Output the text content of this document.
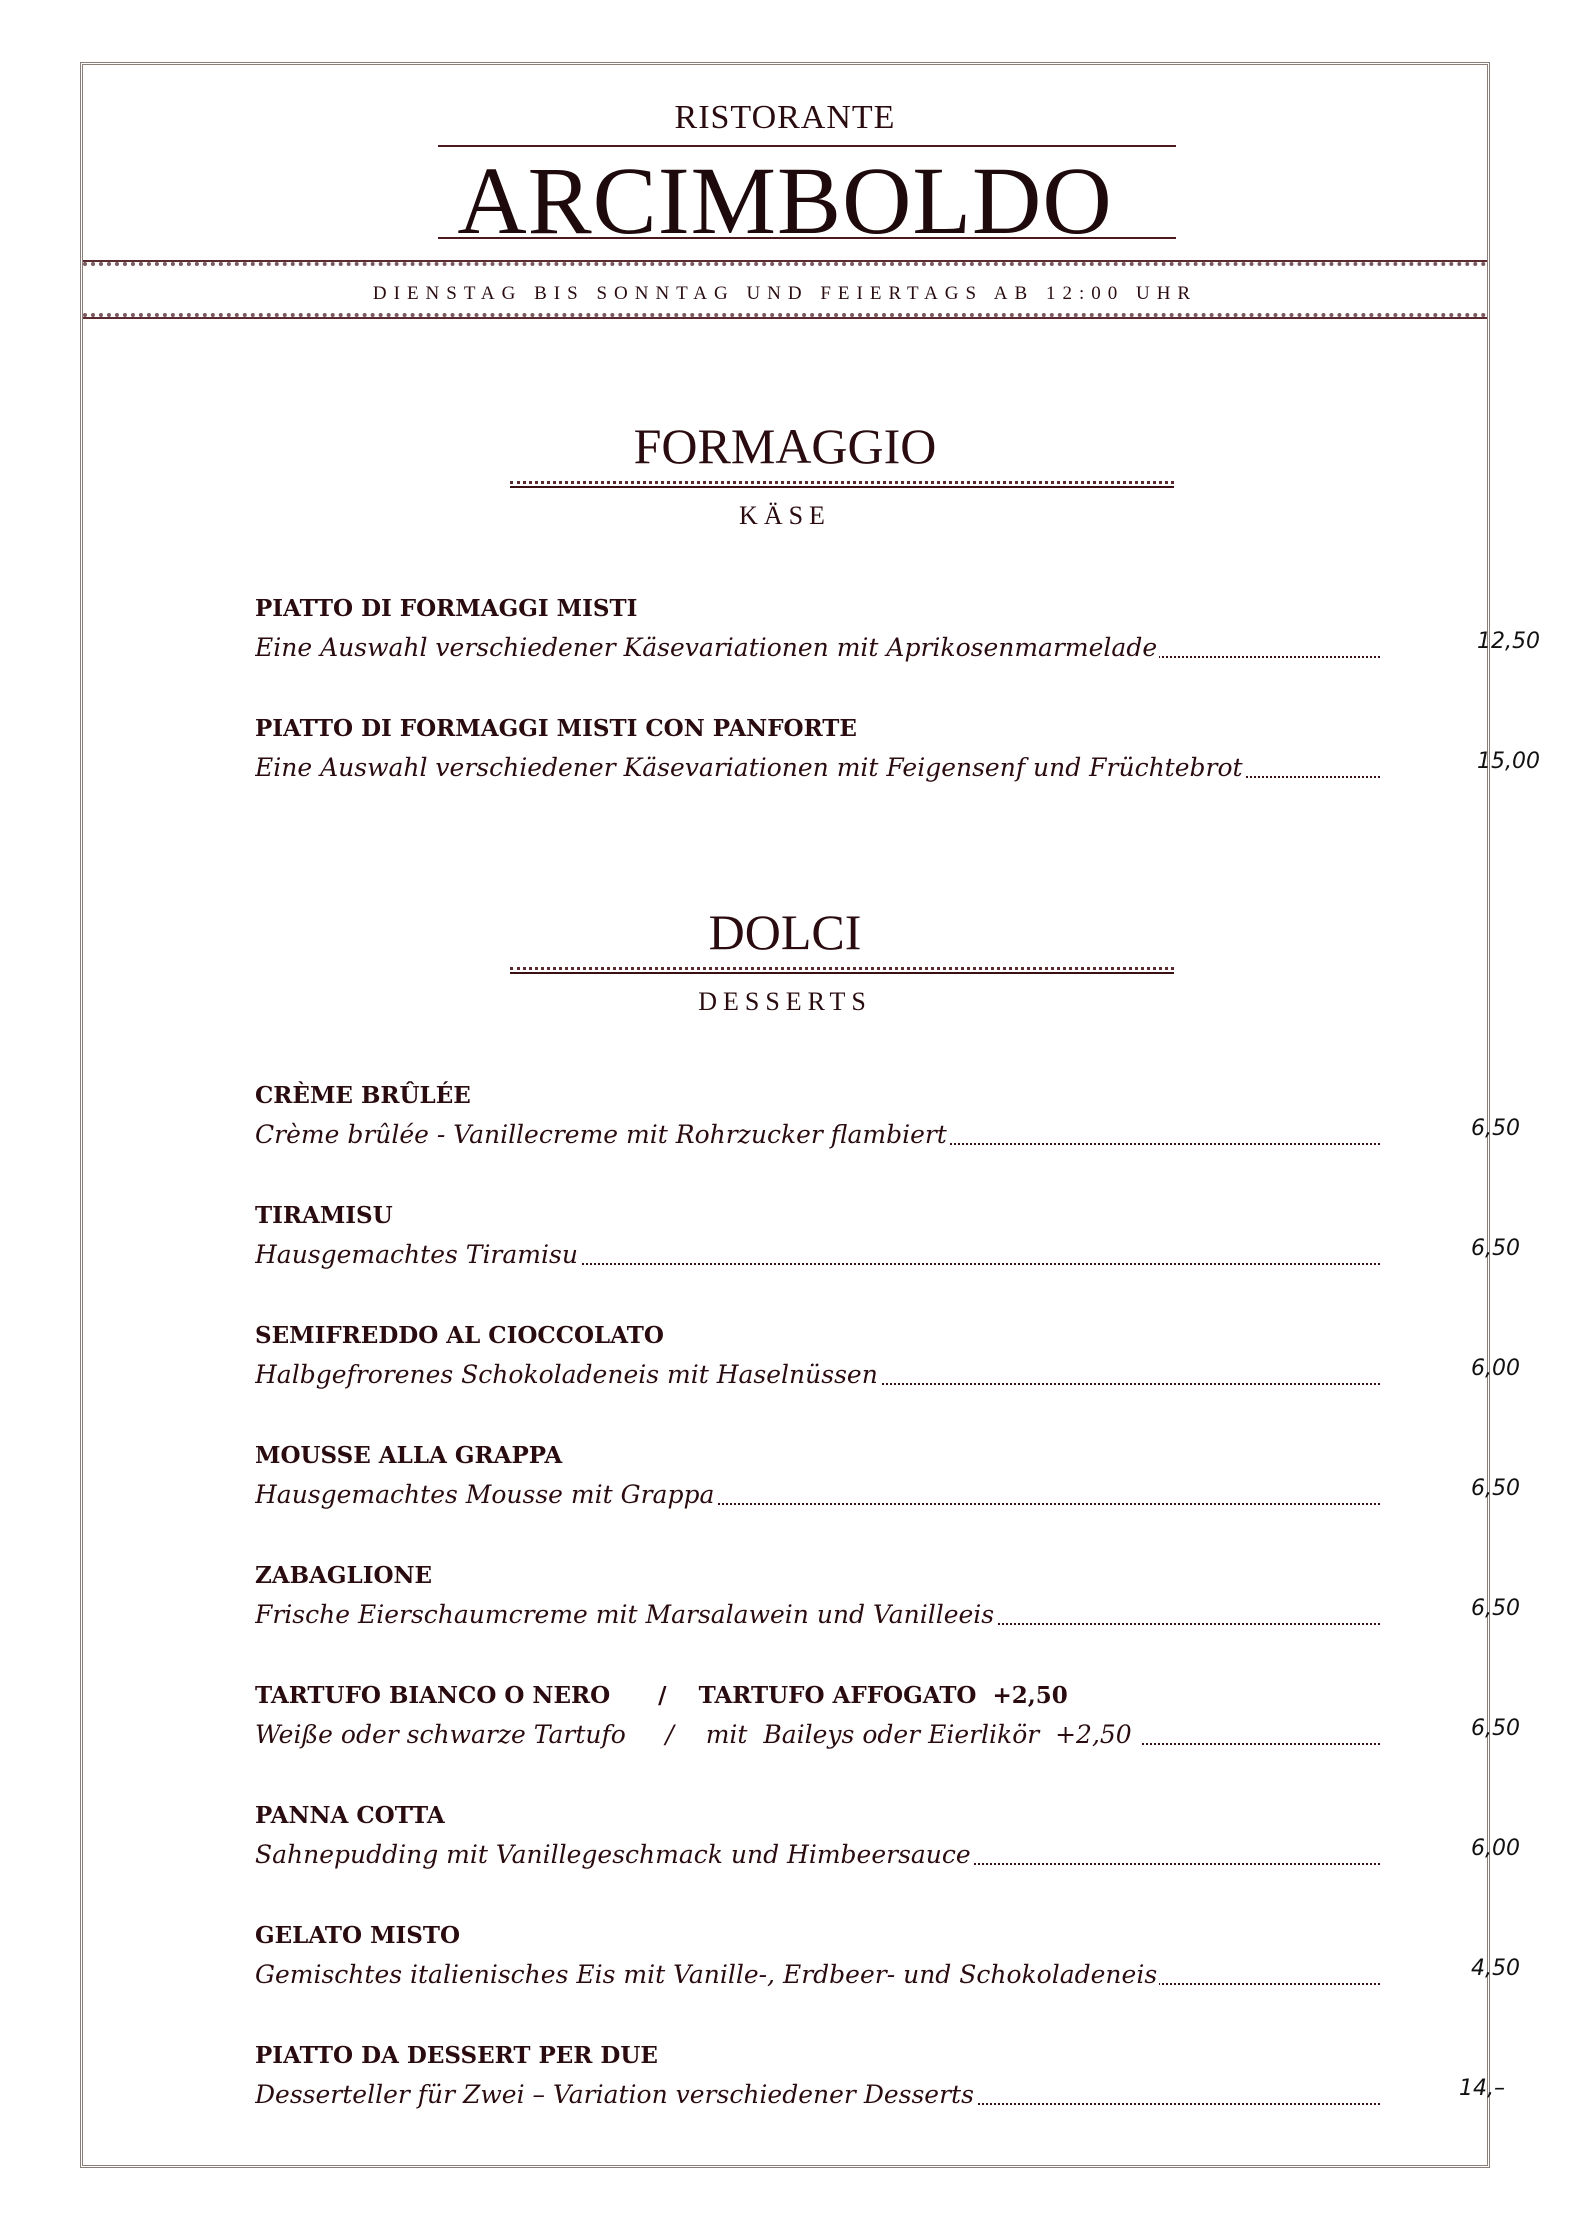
RISTORANTE
ARCIMBOLDO
DIENSTAG BIS SONNTAG UND FEIERTAGS AB 12:00 UHR
FORMAGGIO
KÄSE
PIATTO DI FORMAGGI MISTI
Eine Auswahl verschiedener Käsevariationen mit Aprikosenmarmelade	12,50
PIATTO DI FORMAGGI MISTI CON PANFORTE
Eine Auswahl verschiedener Käsevariationen mit Feigensenf und Früchtebrot	15,00
DOLCI
DESSERTS
CRÈME BRÛLÉE
Crème brûlée - Vanillecreme mit Rohrzucker flambiert	6,50
TIRAMISU
Hausgemachtes Tiramisu	6,50
SEMIFREDDO AL CIOCCOLATO
Halbgefrorenes Schokoladeneis mit Haselnüssen	6,00
MOUSSE ALLA GRAPPA
Hausgemachtes Mousse mit Grappa	6,50
ZABAGLIONE
Frische Eierschaumcreme mit Marsalawein und Vanilleeis	6,50
TARTUFO BIANCO O NERO      /    TARTUFO AFFOGATO  +2,50
Weiße oder schwarze Tartufo     /    mit  Baileys oder Eierlikör  +2,50	6,50
PANNA COTTA
Sahnepudding mit Vanillegeschmack und Himbeersauce	6,00
GELATO MISTO
Gemischtes italienisches Eis mit Vanille-, Erdbeer- und Schokoladeneis	4,50
PIATTO DA DESSERT PER DUE
Desserteller für Zwei – Variation verschiedener Desserts	14,–
